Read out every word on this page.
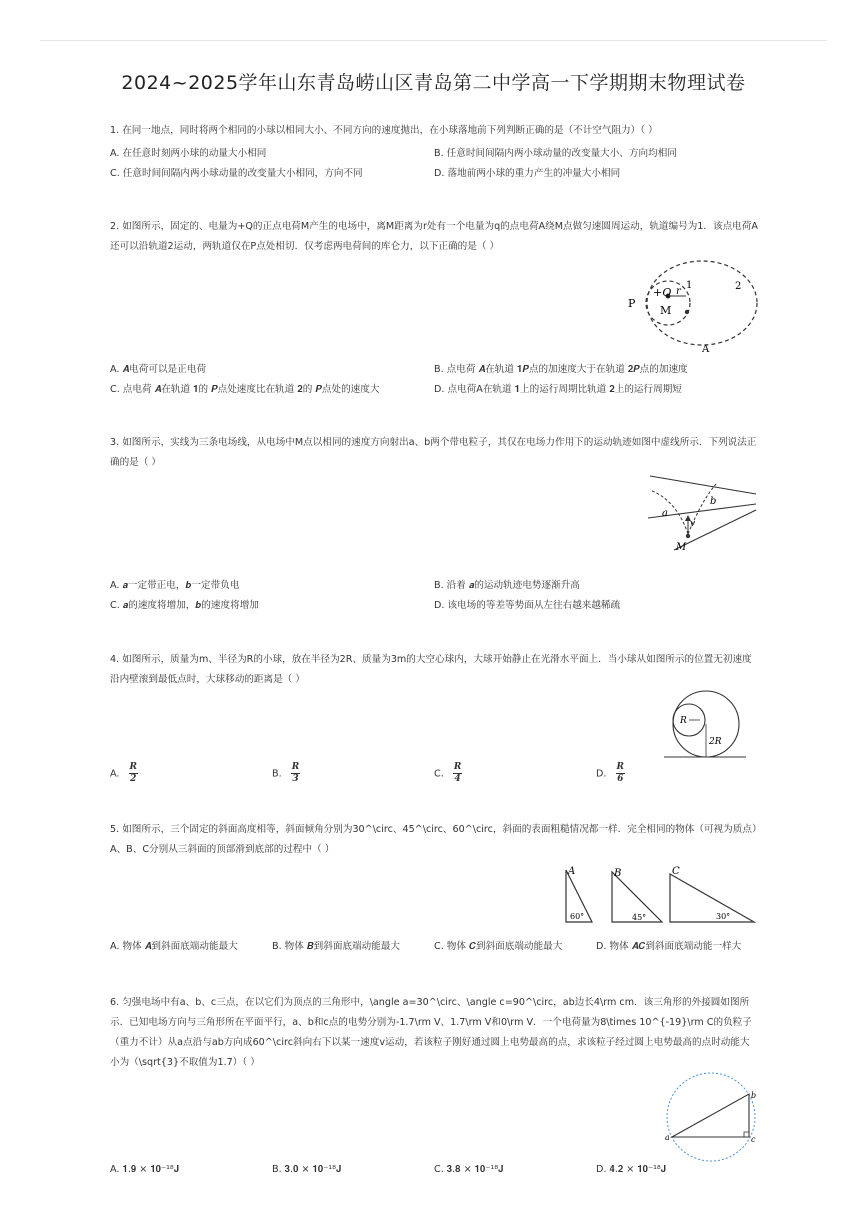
2024~2025学年山东青岛崂山区青岛第二中学高一下学期期末物理试卷
1. 在同一地点，同时将两个相同的小球以相同大小、不同方向的速度抛出，在小球落地前下列判断正确的是（不计空气阻力）（ ）
A. 在任意时刻两小球的动量大小相同	B. 任意时间间隔内两小球动量的改变量大小、方向均相同
C. 任意时间间隔内两小球动量的改变量大小相同，方向不同	D. 落地前两小球的重力产生的冲量大小相同
2. 如图所示，固定的、电量为+Q的正点电荷M产生的电场中，离M距离为r处有一个电量为q的点电荷A绕M点做匀速圆周运动，轨道编号为1．该点电荷A还可以沿轨道2运动，两轨道仅在P点处相切．仅考虑两电荷间的库仑力，以下正确的是（ ）
+Q r
M
P
1	2
A
A. 𝑨电荷可以是正电荷	B. 点电荷 𝑨在轨道 𝟏𝑷点的加速度大于在轨道 𝟐𝑷点的加速度
C. 点电荷 𝑨在轨道 𝟏的 𝑷点处速度比在轨道 𝟐的 𝑷点处的速度大	D. 点电荷A在轨道 𝟏上的运行周期比轨道 𝟐上的运行周期短
3. 如图所示，实线为三条电场线，从电场中M点以相同的速度方向射出a、b两个带电粒子，其仅在电场力作用下的运动轨迹如图中虚线所示．下列说法正确的是（ ）
a
b
v
M
A. 𝒂一定带正电，𝒃一定带负电	B. 沿着 𝒂的运动轨迹电势逐渐升高
C. 𝒂的速度将增加，𝒃的速度将增加	D. 该电场的等差等势面从左往右越来越稀疏
4. 如图所示，质量为m、半径为R的小球，放在半径为2R、质量为3m的大空心球内，大球开始静止在光滑水平面上．当小球从如图所示的位置无初速度沿内壁滚到最低点时，大球移动的距离是（ ）
R
2R
A. $\frac{R}{2}$	B. $\frac{R}{3}$	C. $\frac{R}{4}$	D. $\frac{R}{6}$
5. 如图所示，三个固定的斜面高度相等，斜面倾角分别为30^\circ、45^\circ、60^\circ，斜面的表面粗糙情况都一样．完全相同的物体（可视为质点）A、B、C分别从三斜面的顶部滑到底部的过程中（ ）
A	B	C
60°	45°	30°
A. 物体 𝑨到斜面底端动能最大	B. 物体 𝑩到斜面底端动能最大	C. 物体 𝑪到斜面底端动能最大	D. 物体 𝑨𝑪到斜面底端动能一样大
6. 匀强电场中有a、b、c三点，在以它们为顶点的三角形中，\angle a=30^\circ、\angle c=90^\circ，ab边长4\rm cm．该三角形的外接圆如图所示．已知电场方向与三角形所在平面平行，a、b和c点的电势分别为-1.7\rm V、1.7\rm V和0\rm V．一个电荷量为8\times 10^{-19}\rm C的负粒子（重力不计）从a点沿与ab方向成60^\circ斜向右下以某一速度v运动，若该粒子刚好通过圆上电势最高的点，求该粒子经过圆上电势最高的点时动能大小为（\sqrt{3}不取值为1.7）（ ）
a
b
c
A. 𝟏.𝟗 × 𝟏𝟎⁻¹⁸𝐉	B. 𝟑.𝟎 × 𝟏𝟎⁻¹⁸𝐉	C. 𝟑.𝟖 × 𝟏𝟎⁻¹⁸𝐉	D. 𝟒.𝟐 × 𝟏𝟎⁻¹⁸𝐉
